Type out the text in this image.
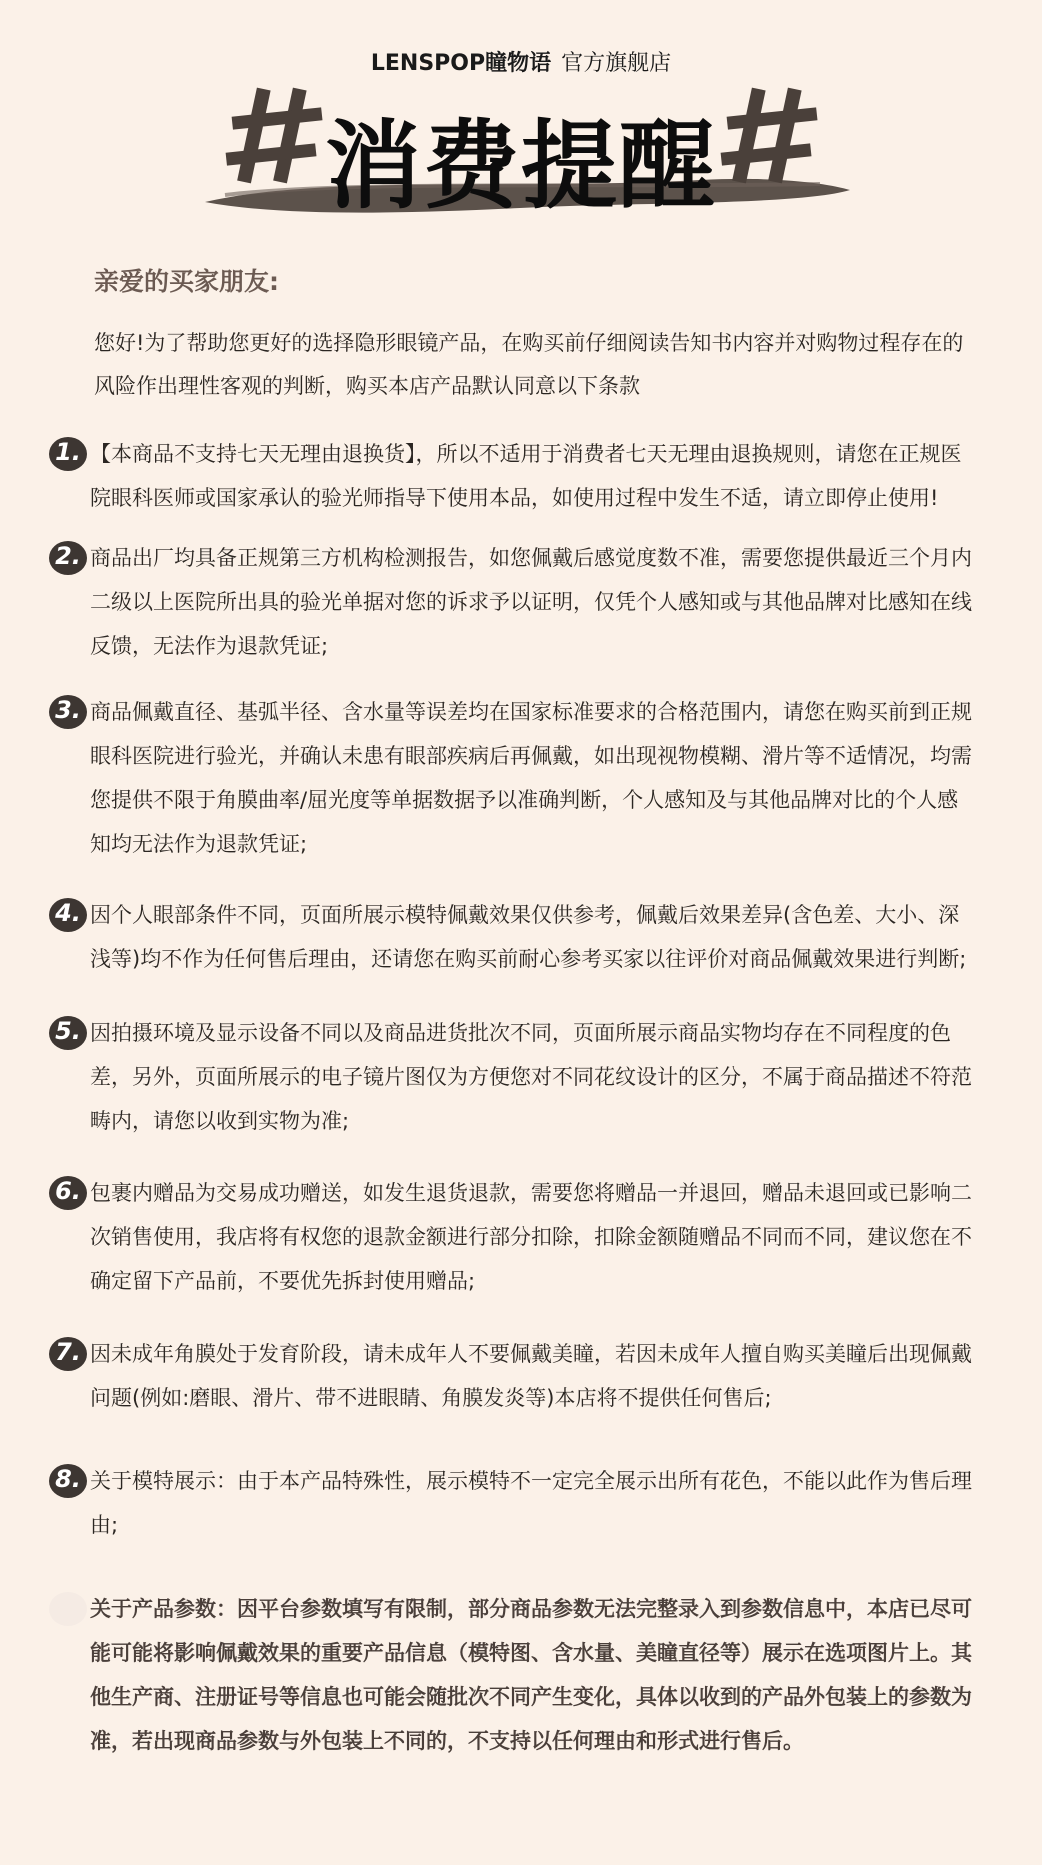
LENSPOP瞳物语 官方旗舰店
消费提醒
亲爱的买家朋友:
您好!为了帮助您更好的选择隐形眼镜产品，在购买前仔细阅读告知书内容并对购物过程存在的风险作出理性客观的判断，购买本店产品默认同意以下条款
1. 【本商品不支持七天无理由退换货】，所以不适用于消费者七天无理由退换规则，请您在正规医院眼科医师或国家承认的验光师指导下使用本品，如使用过程中发生不适，请立即停止使用!
2. 商品出厂均具备正规第三方机构检测报告，如您佩戴后感觉度数不准，需要您提供最近三个月内二级以上医院所出具的验光单据对您的诉求予以证明，仅凭个人感知或与其他品牌对比感知在线反馈，无法作为退款凭证;
3. 商品佩戴直径、基弧半径、含水量等误差均在国家标准要求的合格范围内，请您在购买前到正规眼科医院进行验光，并确认未患有眼部疾病后再佩戴，如出现视物模糊、滑片等不适情况，均需您提供不限于角膜曲率/屈光度等单据数据予以准确判断，个人感知及与其他品牌对比的个人感知均无法作为退款凭证;
4. 因个人眼部条件不同，页面所展示模特佩戴效果仅供参考，佩戴后效果差异(含色差、大小、深浅等)均不作为任何售后理由，还请您在购买前耐心参考买家以往评价对商品佩戴效果进行判断;
5. 因拍摄环境及显示设备不同以及商品进货批次不同，页面所展示商品实物均存在不同程度的色差，另外，页面所展示的电子镜片图仅为方便您对不同花纹设计的区分，不属于商品描述不符范畴内，请您以收到实物为准;
6. 包裹内赠品为交易成功赠送，如发生退货退款，需要您将赠品一并退回，赠品未退回或已影响二次销售使用，我店将有权您的退款金额进行部分扣除，扣除金额随赠品不同而不同，建议您在不确定留下产品前，不要优先拆封使用赠品;
7. 因未成年角膜处于发育阶段，请未成年人不要佩戴美瞳，若因未成年人擅自购买美瞳后出现佩戴问题(例如:磨眼、滑片、带不进眼睛、角膜发炎等)本店将不提供任何售后;
8. 关于模特展示：由于本产品特殊性，展示模特不一定完全展示出所有花色，不能以此作为售后理由;
9. 关于产品参数：因平台参数填写有限制，部分商品参数无法完整录入到参数信息中，本店已尽可能可能将影响佩戴效果的重要产品信息（模特图、含水量、美瞳直径等）展示在选项图片上。其他生产商、注册证号等信息也可能会随批次不同产生变化，具体以收到的产品外包装上的参数为准，若出现商品参数与外包装上不同的，不支持以任何理由和形式进行售后。
